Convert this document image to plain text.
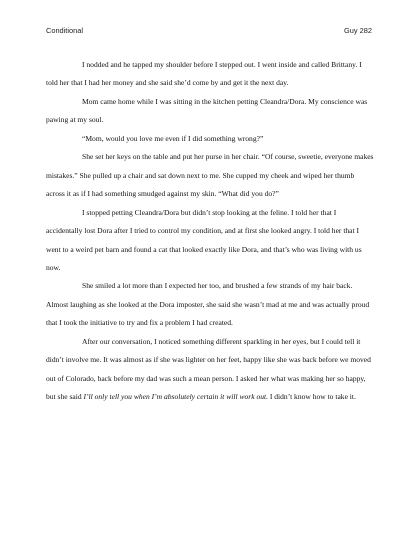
Conditional	Guy 282

I nodded and he tapped my shoulder before I stepped out. I went inside and called Brittany. I told her that I had her money and she said she’d come by and get it the next day.

Mom came home while I was sitting in the kitchen petting Cleandra/Dora. My conscience was pawing at my soul.

“Mom, would you love me even if I did something wrong?”

She set her keys on the table and put her purse in her chair. “Of course, sweetie, everyone makes mistakes.” She pulled up a chair and sat down next to me. She cupped my cheek and wiped her thumb across it as if I had something smudged against my skin. “What did you do?”

I stopped petting Cleandra/Dora but didn’t stop looking at the feline. I told her that I accidentally lost Dora after I tried to control my condition, and at first she looked angry. I told her that I went to a weird pet barn and found a cat that looked exactly like Dora, and that’s who was living with us now.

She smiled a lot more than I expected her too, and brushed a few strands of my hair back. Almost laughing as she looked at the Dora imposter, she said she wasn’t mad at me and was actually proud that I took the initiative to try and fix a problem I had created.

After our conversation, I noticed something different sparkling in her eyes, but I could tell it didn’t involve me. It was almost as if she was lighter on her feet, happy like she was back before we moved out of Colorado, back before my dad was such a mean person. I asked her what was making her so happy, but she said I’ll only tell you when I’m absolutely certain it will work out. I didn’t know how to take it.
